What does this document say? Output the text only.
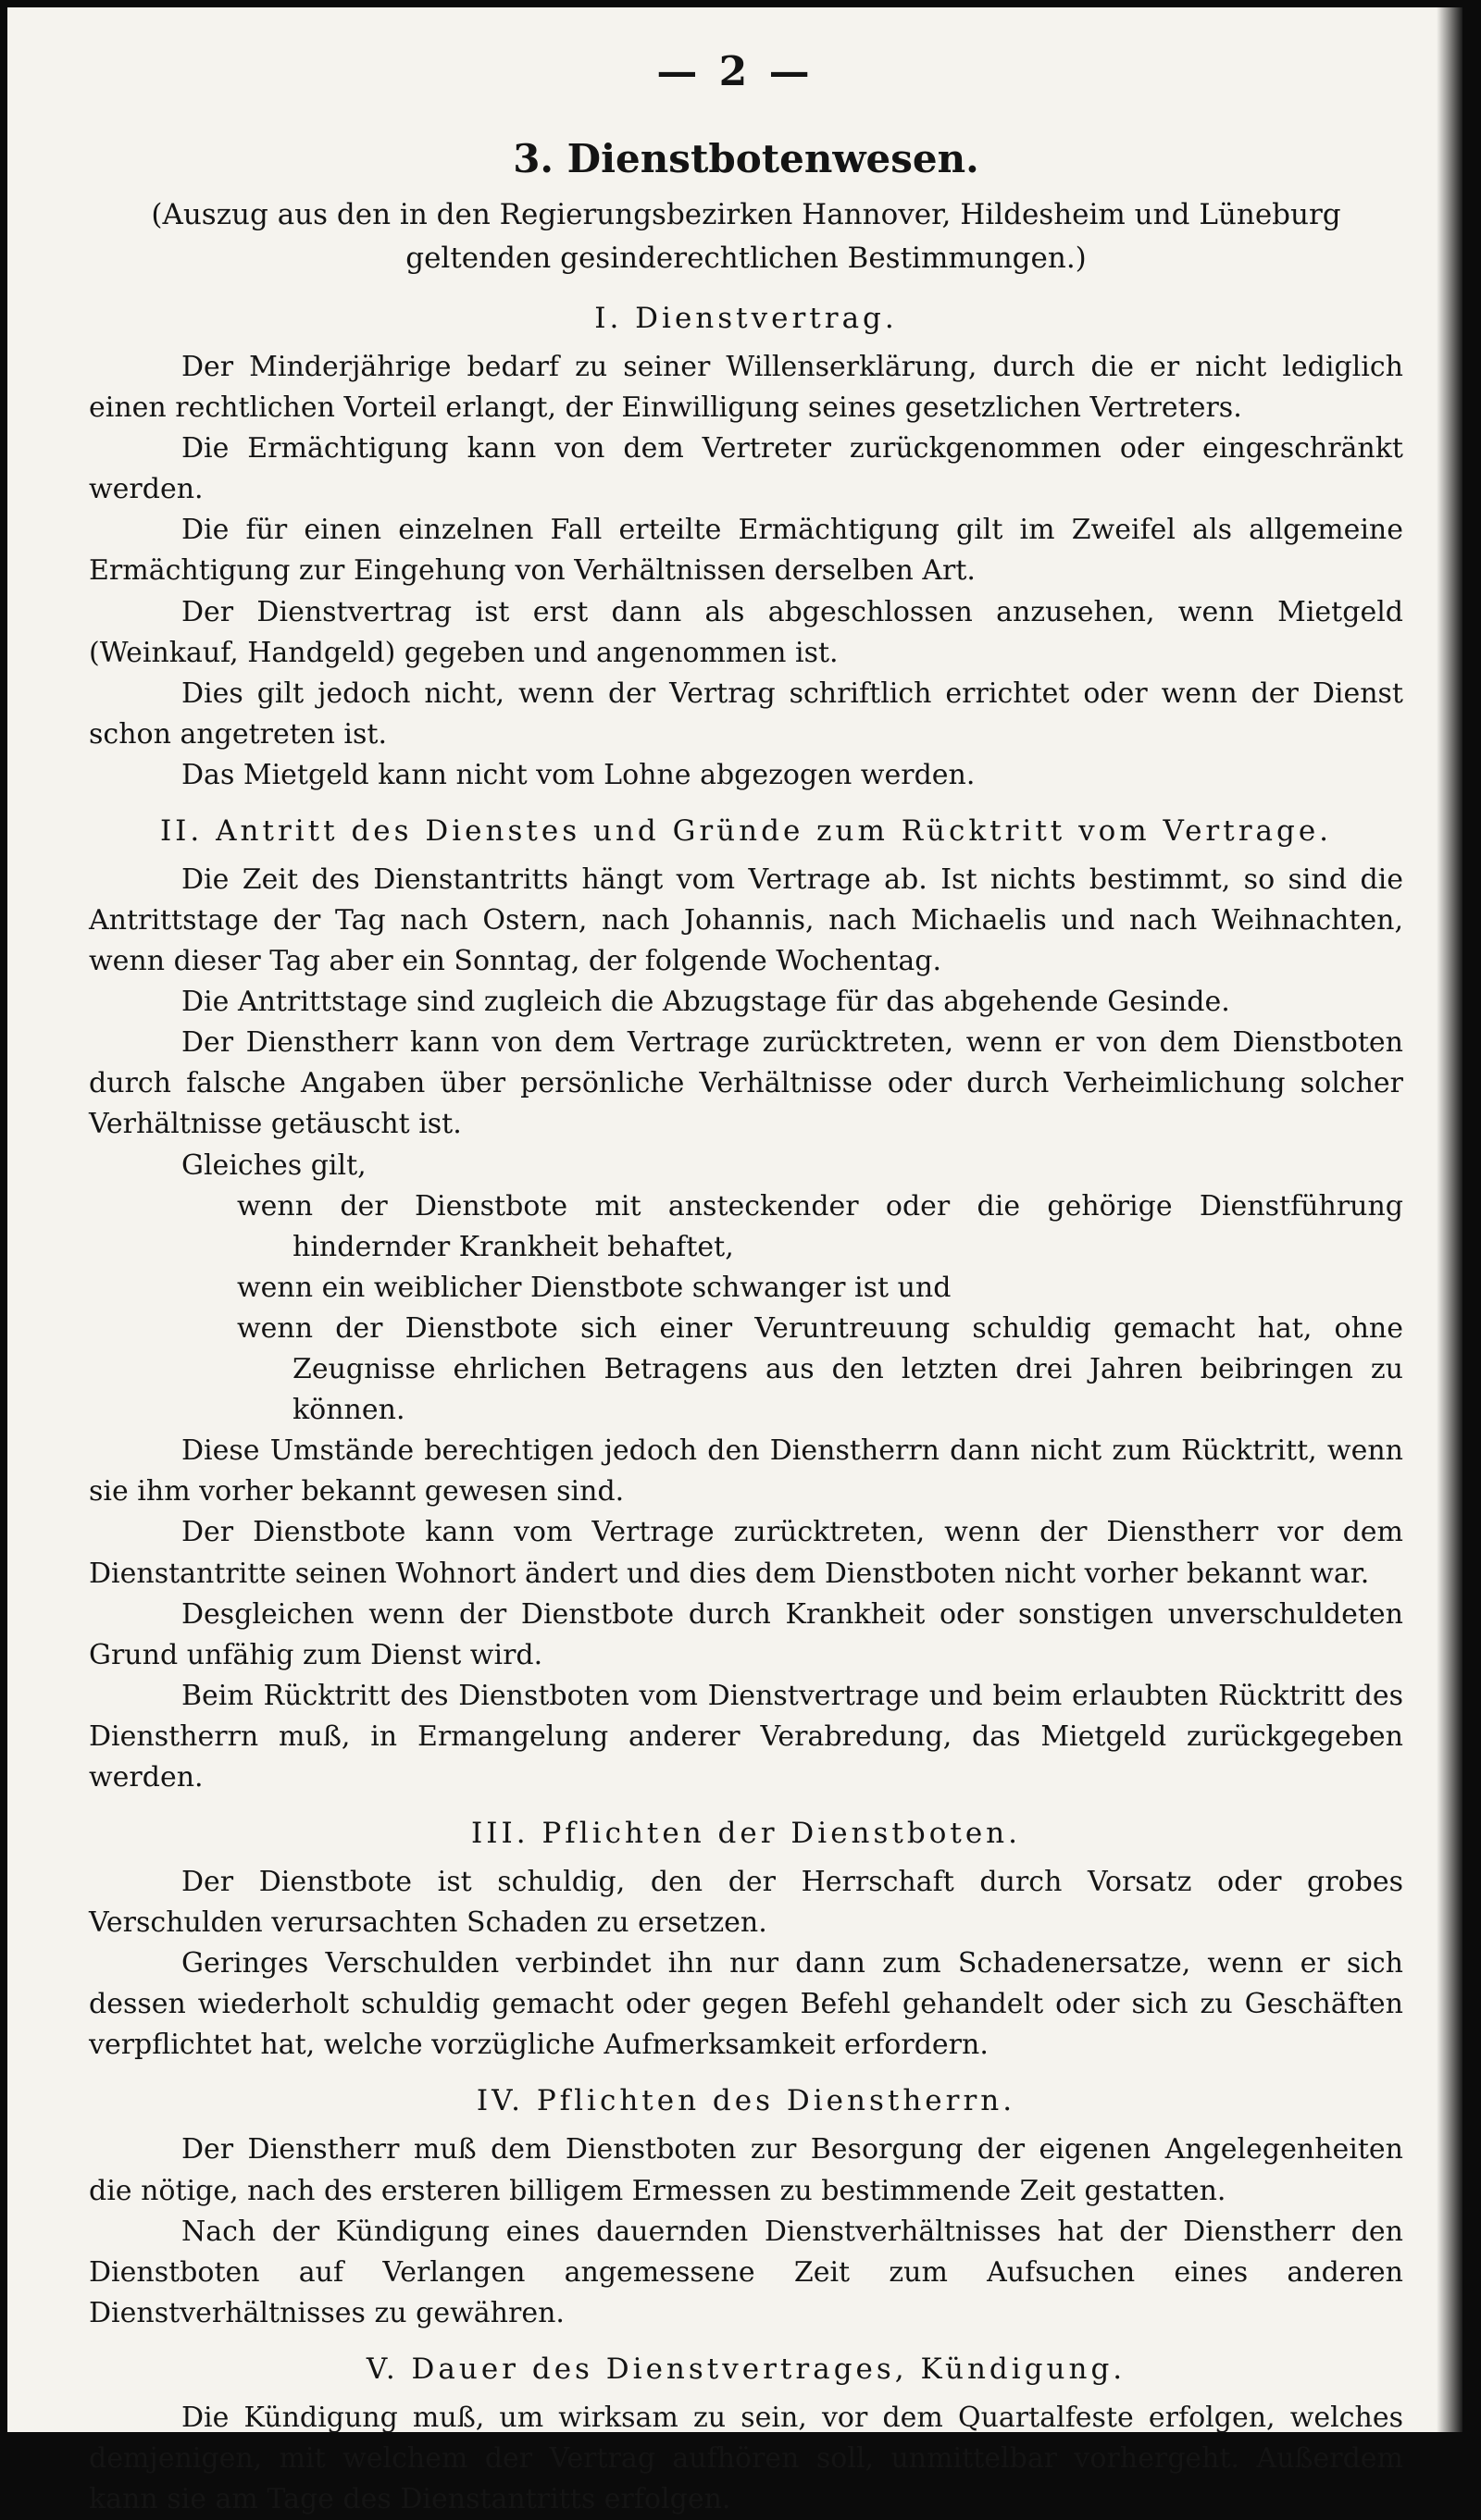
— 2 —
3. Dienstbotenwesen.

(Auszug aus den in den Regierungsbezirken Hannover, Hildesheim und Lüneburg geltenden gesinderechtlichen Bestimmungen.)

I. Dienstvertrag.

Der Minderjährige bedarf zu seiner Willenserklärung, durch die er nicht lediglich einen rechtlichen Vorteil erlangt, der Einwilligung seines gesetzlichen Vertreters.

Die Ermächtigung kann von dem Vertreter zurückgenommen oder eingeschränkt werden.

Die für einen einzelnen Fall erteilte Ermächtigung gilt im Zweifel als allgemeine Ermächtigung zur Eingehung von Verhältnissen derselben Art.

Der Dienstvertrag ist erst dann als abgeschlossen anzusehen, wenn Mietgeld (Weinkauf, Handgeld) gegeben und angenommen ist.

Dies gilt jedoch nicht, wenn der Vertrag schriftlich errichtet oder wenn der Dienst schon angetreten ist.

Das Mietgeld kann nicht vom Lohne abgezogen werden.

II. Antritt des Dienstes und Gründe zum Rücktritt vom Vertrage.

Die Zeit des Dienstantritts hängt vom Vertrage ab. Ist nichts bestimmt, so sind die Antrittstage der Tag nach Ostern, nach Johannis, nach Michaelis und nach Weihnachten, wenn dieser Tag aber ein Sonntag, der folgende Wochentag.

Die Antrittstage sind zugleich die Abzugstage für das abgehende Gesinde.

Der Dienstherr kann von dem Vertrage zurücktreten, wenn er von dem Dienstboten durch falsche Angaben über persönliche Verhältnisse oder durch Verheimlichung solcher Verhältnisse getäuscht ist.

Gleiches gilt,

wenn der Dienstbote mit ansteckender oder die gehörige Dienstführung hindernder Krankheit behaftet,

wenn ein weiblicher Dienstbote schwanger ist und

wenn der Dienstbote sich einer Veruntreuung schuldig gemacht hat, ohne Zeugnisse ehrlichen Betragens aus den letzten drei Jahren beibringen zu können.

Diese Umstände berechtigen jedoch den Dienstherrn dann nicht zum Rücktritt, wenn sie ihm vorher bekannt gewesen sind.

Der Dienstbote kann vom Vertrage zurücktreten, wenn der Dienstherr vor dem Dienstantritte seinen Wohnort ändert und dies dem Dienstboten nicht vorher bekannt war.

Desgleichen wenn der Dienstbote durch Krankheit oder sonstigen unverschuldeten Grund unfähig zum Dienst wird.

Beim Rücktritt des Dienstboten vom Dienstvertrage und beim erlaubten Rücktritt des Dienstherrn muß, in Ermangelung anderer Verabredung, das Mietgeld zurückgegeben werden.

III. Pflichten der Dienstboten.

Der Dienstbote ist schuldig, den der Herrschaft durch Vorsatz oder grobes Verschulden verursachten Schaden zu ersetzen.

Geringes Verschulden verbindet ihn nur dann zum Schadenersatze, wenn er sich dessen wiederholt schuldig gemacht oder gegen Befehl gehandelt oder sich zu Geschäften verpflichtet hat, welche vorzügliche Aufmerksamkeit erfordern.

IV. Pflichten des Dienstherrn.

Der Dienstherr muß dem Dienstboten zur Besorgung der eigenen Angelegenheiten die nötige, nach des ersteren billigem Ermessen zu bestimmende Zeit gestatten.

Nach der Kündigung eines dauernden Dienstverhältnisses hat der Dienstherr den Dienstboten auf Verlangen angemessene Zeit zum Aufsuchen eines anderen Dienstverhältnisses zu gewähren.

V. Dauer des Dienstvertrages, Kündigung.

Die Kündigung muß, um wirksam zu sein, vor dem Quartalfeste erfolgen, welches demjenigen, mit welchem der Vertrag aufhören soll, unmittelbar vorhergeht. Außerdem kann sie am Tage des Dienstantritts erfolgen.
